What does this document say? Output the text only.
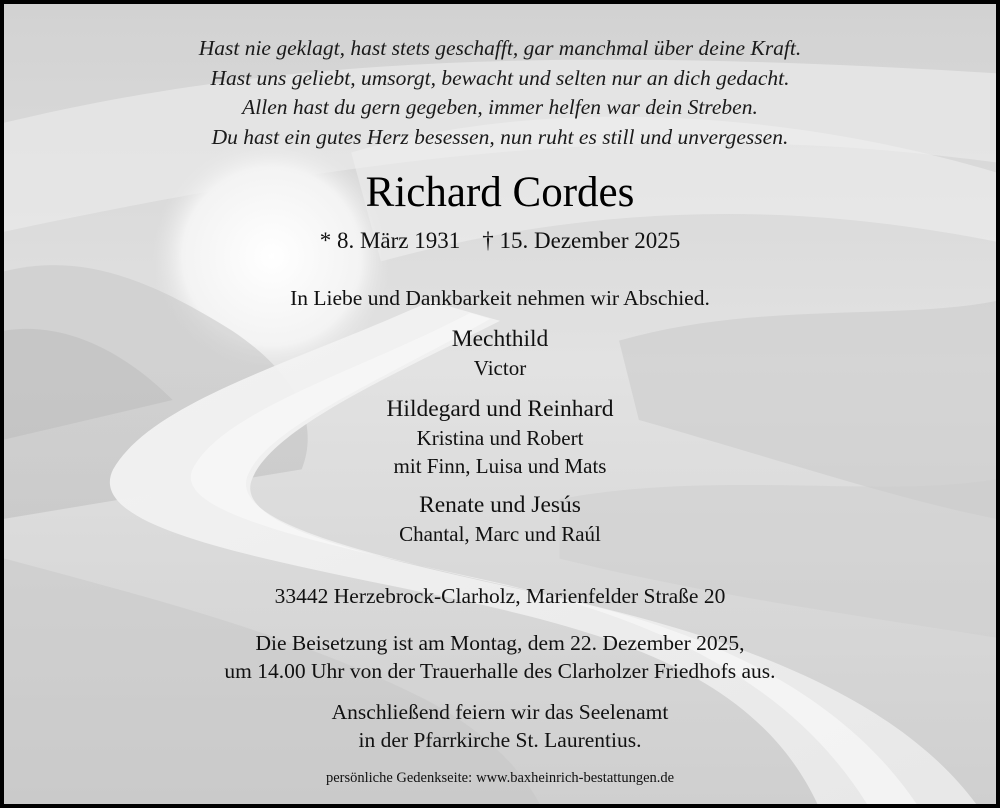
Hast nie geklagt, hast stets geschafft, gar manchmal über deine Kraft.
Hast uns geliebt, umsorgt, bewacht und selten nur an dich gedacht.
Allen hast du gern gegeben, immer helfen war dein Streben.
Du hast ein gutes Herz besessen, nun ruht es still und unvergessen.
Richard Cordes
* 8. März 1931 † 15. Dezember 2025
In Liebe und Dankbarkeit nehmen wir Abschied.
Mechthild
Victor
Hildegard und Reinhard
Kristina und Robert
mit Finn, Luisa und Mats
Renate und Jesús
Chantal, Marc und Raúl
33442 Herzebrock-Clarholz, Marienfelder Straße 20
Die Beisetzung ist am Montag, dem 22. Dezember 2025,
um 14.00 Uhr von der Trauerhalle des Clarholzer Friedhofs aus.
Anschließend feiern wir das Seelenamt
in der Pfarrkirche St. Laurentius.
persönliche Gedenkseite: www.baxheinrich-bestattungen.de
